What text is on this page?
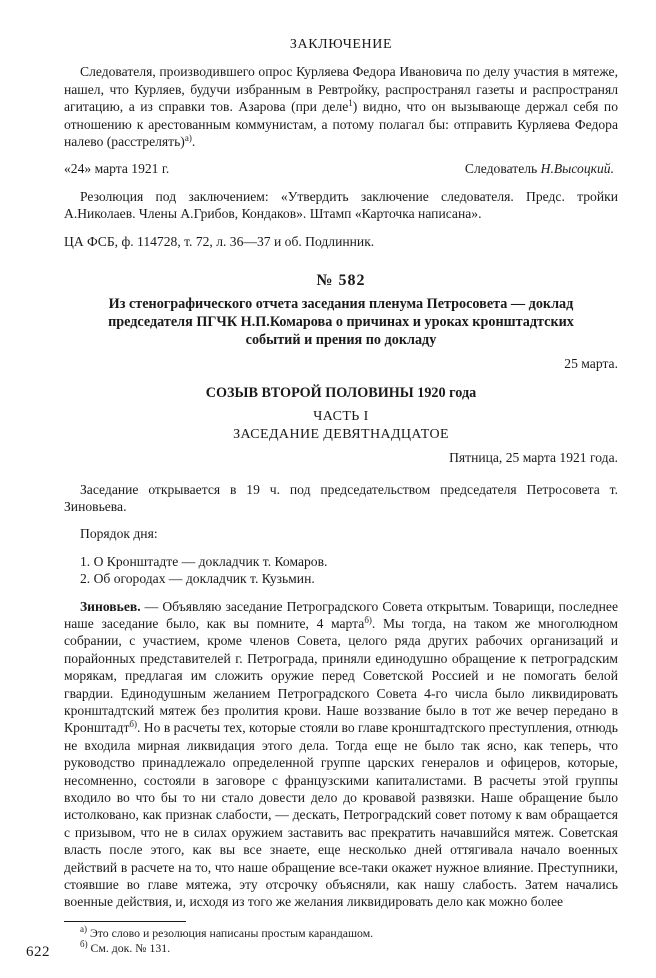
ЗАКЛЮЧЕНИЕ

Следователя, производившего опрос Курляева Федора Ивановича по делу участия в мятеже, нашел, что Курляев, будучи избранным в Ревтройку, распространял газеты и распространял агитацию, а из справки тов. Азарова (при деле$^1$) видно, что он вызывающе держал себя по отношению к арестованным коммунистам, а потому полагал бы: отправить Курляева Федора налево (расстрелять)$^{а)}$.

«24» марта 1921 г.	Следователь Н.Высоцкий.

Резолюция под заключением: «Утвердить заключение следователя. Предс. тройки А.Николаев. Члены А.Грибов, Кондаков». Штамп «Карточка написана».

ЦА ФСБ, ф. 114728, т. 72, л. 36—37 и об. Подлинник.

№ 582

Из стенографического отчета заседания пленума Петросовета — доклад председателя ПГЧК Н.П.Комарова о причинах и уроках кронштадтских событий и прения по докладу

25 марта.

СОЗЫВ ВТОРОЙ ПОЛОВИНЫ 1920 года

ЧАСТЬ I

ЗАСЕДАНИЕ ДЕВЯТНАДЦАТОЕ

Пятница, 25 марта 1921 года.

Заседание открывается в 19 ч. под председательством председателя Петросовета т. Зиновьева.

Порядок дня:

1. О Кронштадте — докладчик т. Комаров.

2. Об огородах — докладчик т. Кузьмин.

Зиновьев. — Объявляю заседание Петроградского Совета открытым. Товарищи, последнее наше заседание было, как вы помните, 4 марта$^{б)}$. Мы тогда, на таком же многолюдном собрании, с участием, кроме членов Совета, целого ряда других рабочих организаций и порайонных представителей г. Петрограда, приняли единодушно обращение к петроградским морякам, предлагая им сложить оружие перед Советской Россией и не помогать белой гвардии. Единодушным желанием Петроградского Совета 4-го числа было ликвидировать кронштадтский мятеж без пролития крови. Наше воззвание было в тот же вечер передано в Кронштадт$^{б)}$. Но в расчеты тех, которые стояли во главе кронштадтского преступления, отнюдь не входила мирная ликвидация этого дела. Тогда еще не было так ясно, как теперь, что руководство принадлежало определенной группе царских генералов и офицеров, которые, несомненно, состояли в заговоре с французскими капиталистами. В расчеты этой группы входило во что бы то ни стало довести дело до кровавой развязки. Наше обращение было истолковано, как признак слабости, — дескать, Петроградский совет потому к вам обращается с призывом, что не в силах оружием заставить вас прекратить начавшийся мятеж. Советская власть после этого, как вы все знаете, еще несколько дней оттягивала начало военных действий в расчете на то, что наше обращение все-таки окажет нужное влияние. Преступники, стоявшие во главе мятежа, эту отсрочку объясняли, как нашу слабость. Затем начались военные действия, и, исходя из того же желания ликвидировать дело как можно более

$^{а)}$ Это слово и резолюция написаны простым карандашом.

$^{б)}$ См. док. № 131.

622
